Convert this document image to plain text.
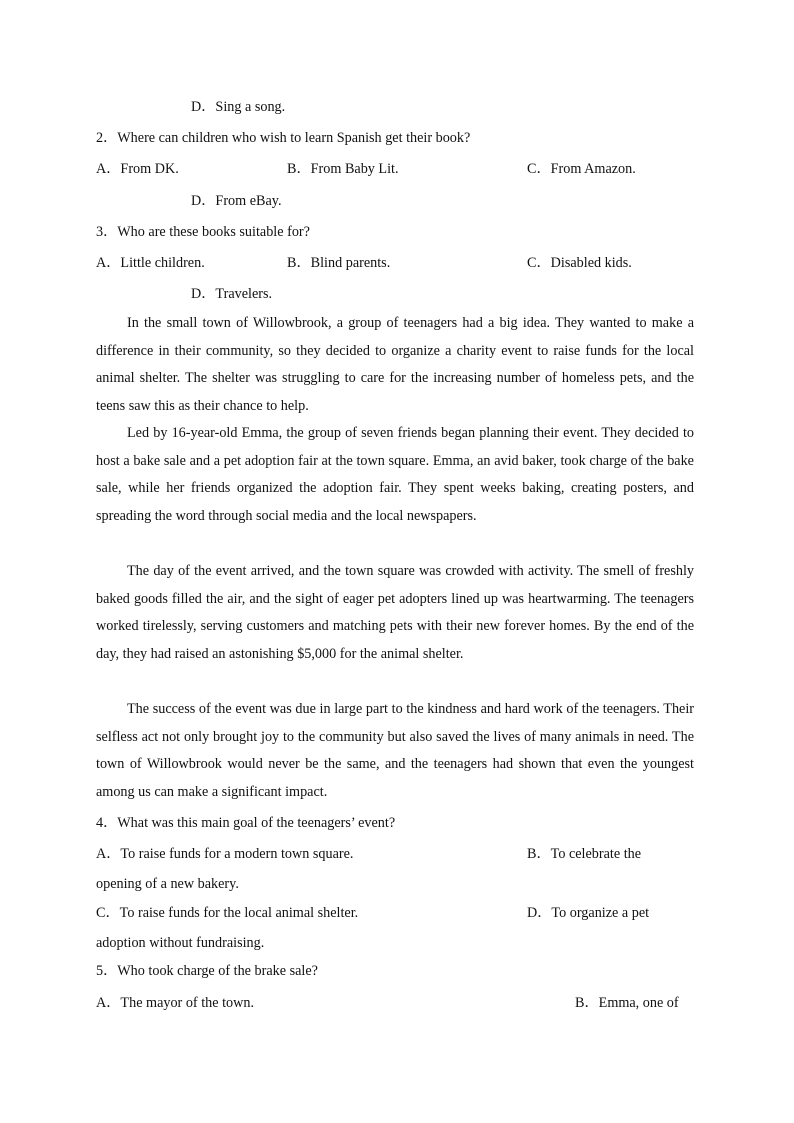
D．Sing a song.
2．Where can children who wish to learn Spanish get their book?
A．From DK.	B．From Baby Lit.	C．From Amazon.
D．From eBay.
3．Who are these books suitable for?
A．Little children.	B．Blind parents.	C．Disabled kids.
D．Travelers.

In the small town of Willowbrook, a group of teenagers had a big idea. They wanted to make a difference in their community, so they decided to organize a charity event to raise funds for the local animal shelter. The shelter was struggling to care for the increasing number of homeless pets, and the teens saw this as their chance to help.

Led by 16-year-old Emma, the group of seven friends began planning their event. They decided to host a bake sale and a pet adoption fair at the town square. Emma, an avid baker, took charge of the bake sale, while her friends organized the adoption fair. They spent weeks baking, creating posters, and spreading the word through social media and the local newspapers.

The day of the event arrived, and the town square was crowded with activity. The smell of freshly baked goods filled the air, and the sight of eager pet adopters lined up was heartwarming. The teenagers worked tirelessly, serving customers and matching pets with their new forever homes. By the end of the day, they had raised an astonishing $5,000 for the animal shelter.

The success of the event was due in large part to the kindness and hard work of the teenagers. Their selfless act not only brought joy to the community but also saved the lives of many animals in need. The town of Willowbrook would never be the same, and the teenagers had shown that even the youngest among us can make a significant impact.

4．What was this main goal of the teenagers’ event?
A．To raise funds for a modern town square.	B．To celebrate the
opening of a new bakery.
C．To raise funds for the local animal shelter.	D．To organize a pet
adoption without fundraising.
5．Who took charge of the brake sale?
A．The mayor of the town.	B．Emma, one of
